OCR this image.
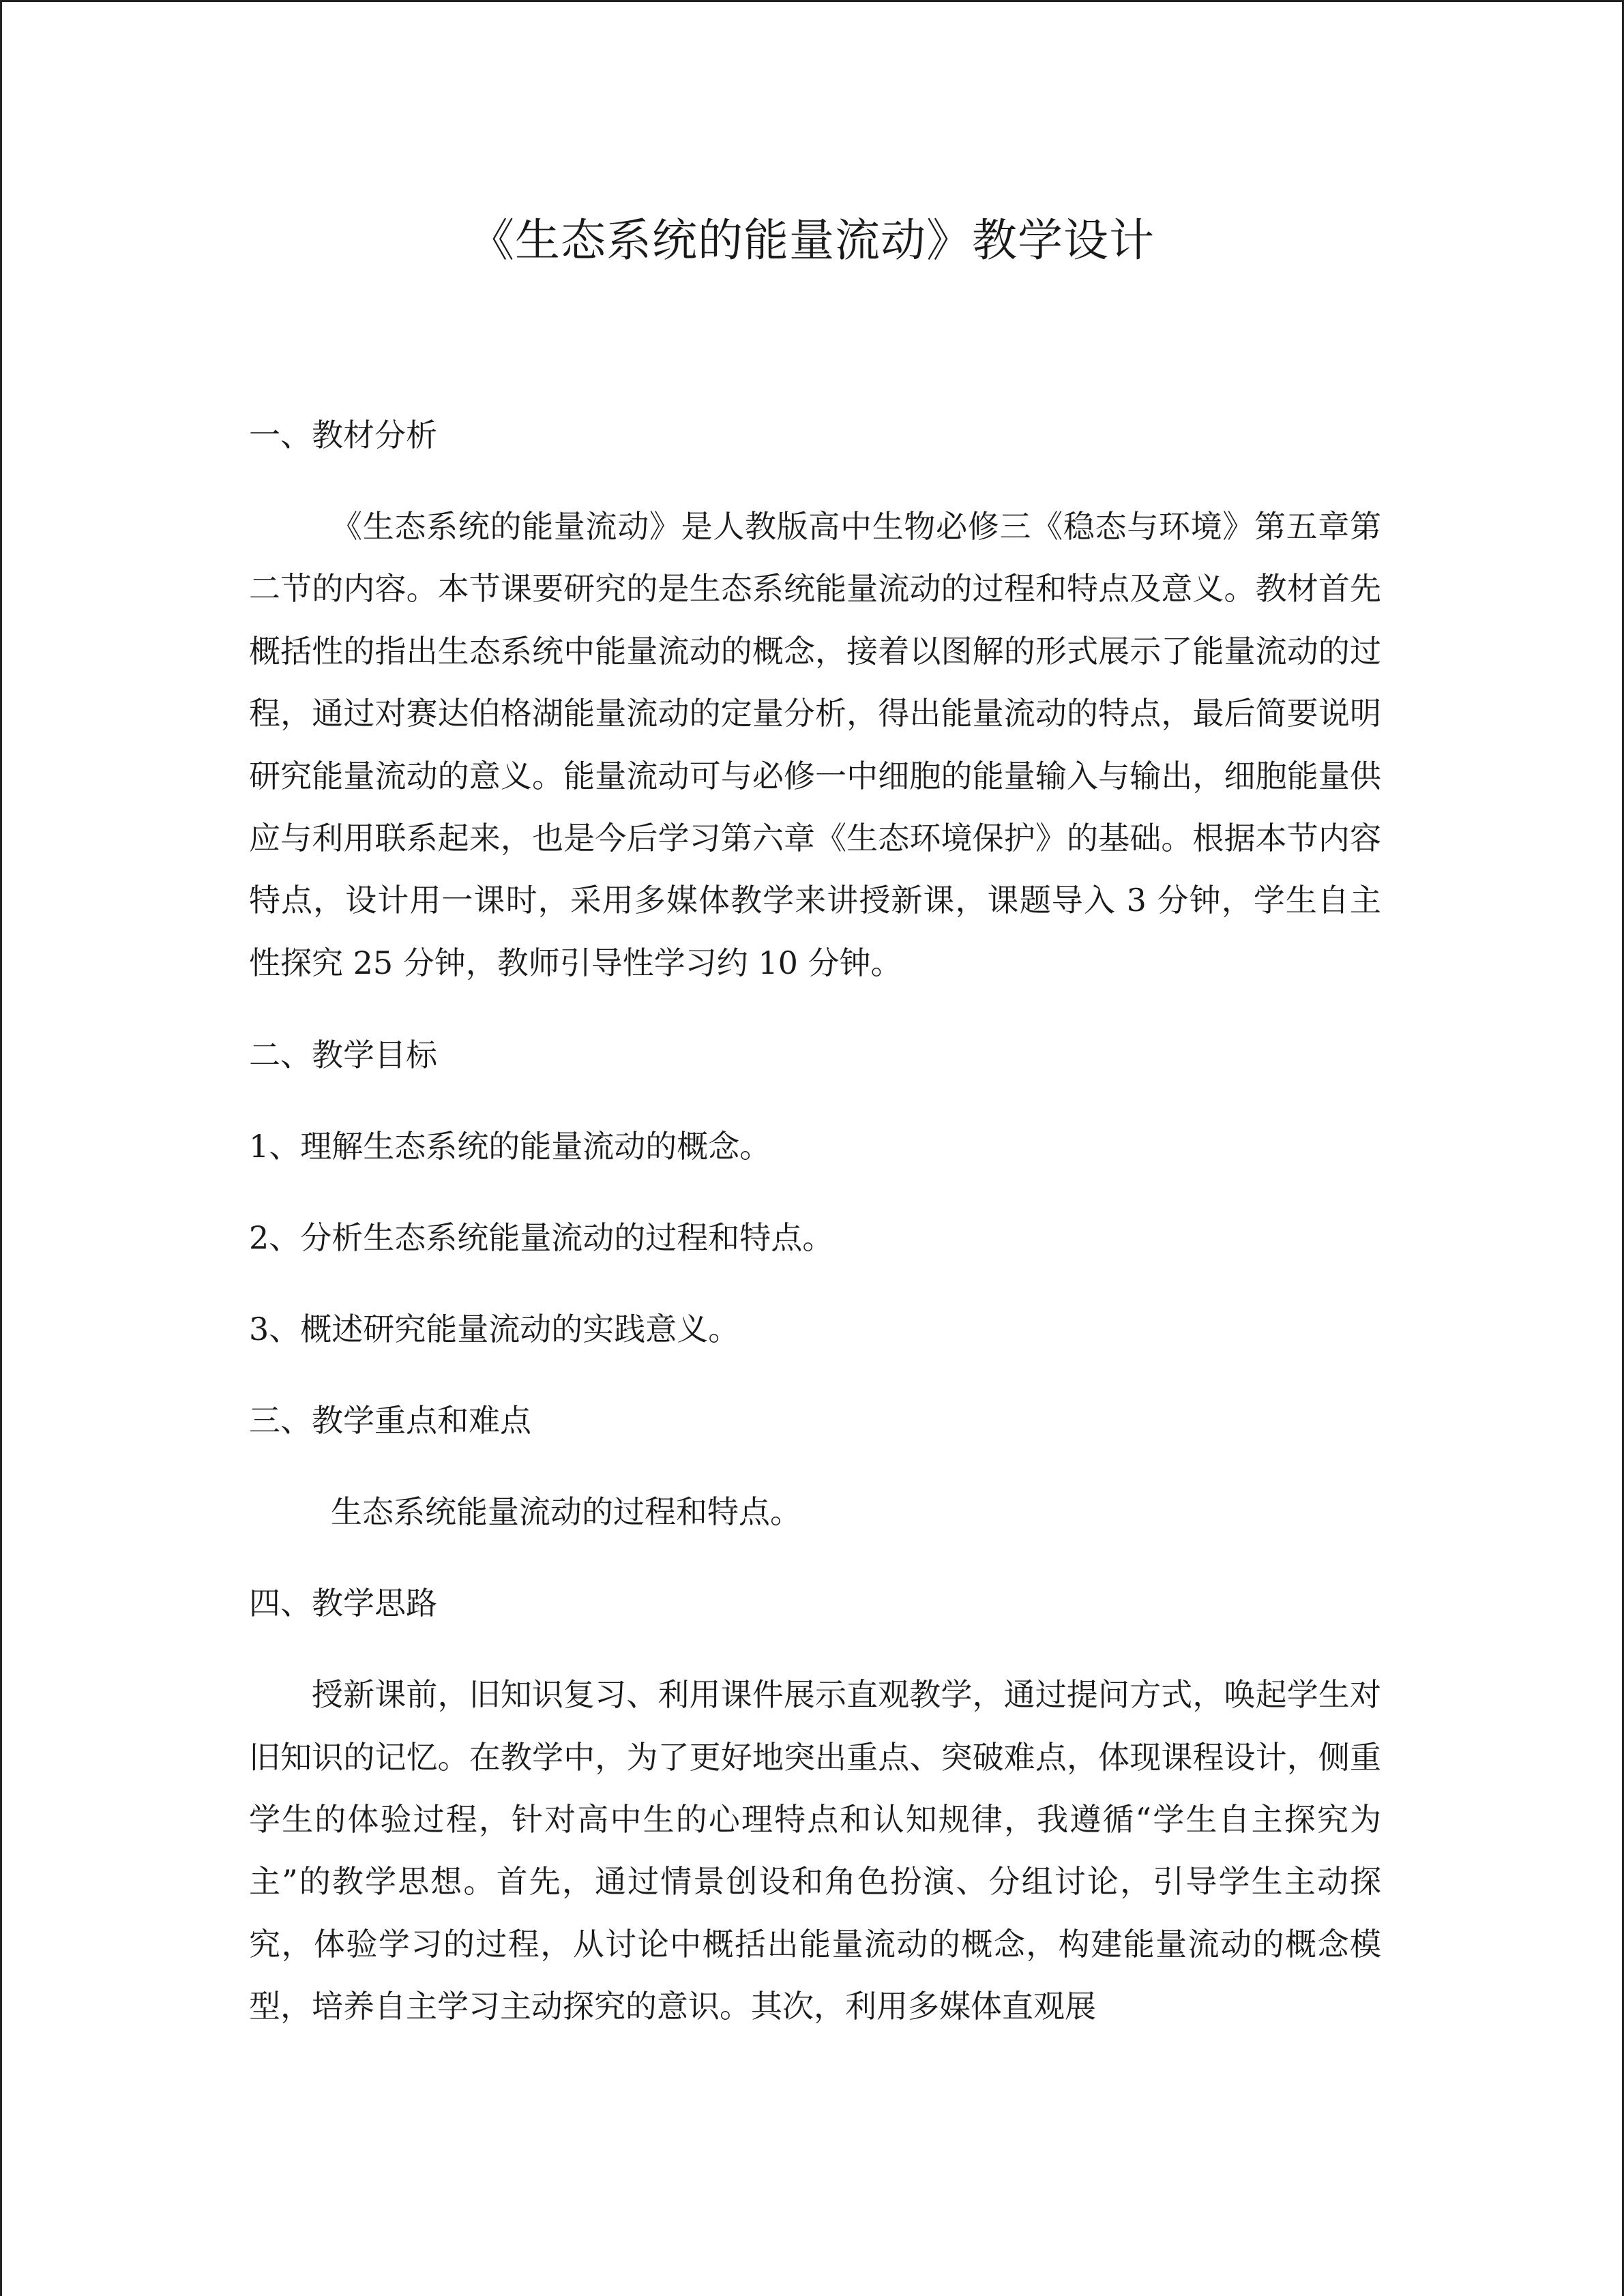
《生态系统的能量流动》教学设计
一、教材分析
《生态系统的能量流动》是人教版高中生物必修三《稳态与环境》第五章第二节的内容。本节课要研究的是生态系统能量流动的过程和特点及意义。教材首先概括性的指出生态系统中能量流动的概念，接着以图解的形式展示了能量流动的过程，通过对赛达伯格湖能量流动的定量分析，得出能量流动的特点，最后简要说明研究能量流动的意义。能量流动可与必修一中细胞的能量输入与输出，细胞能量供应与利用联系起来，也是今后学习第六章《生态环境保护》的基础。根据本节内容特点，设计用一课时，采用多媒体教学来讲授新课，课题导入 3 分钟，学生自主性探究 25 分钟，教师引导性学习约 10 分钟。
二、教学目标
1、理解生态系统的能量流动的概念。
2、分析生态系统能量流动的过程和特点。
3、概述研究能量流动的实践意义。
三、教学重点和难点
生态系统能量流动的过程和特点。
四、教学思路
授新课前，旧知识复习、利用课件展示直观教学，通过提问方式，唤起学生对旧知识的记忆。在教学中，为了更好地突出重点、突破难点，体现课程设计，侧重学生的体验过程，针对高中生的心理特点和认知规律，我遵循“学生自主探究为主”的教学思想。首先，通过情景创设和角色扮演、分组讨论，引导学生主动探究，体验学习的过程，从讨论中概括出能量流动的概念，构建能量流动的概念模型，培养自主学习主动探究的意识。其次，利用多媒体直观展
